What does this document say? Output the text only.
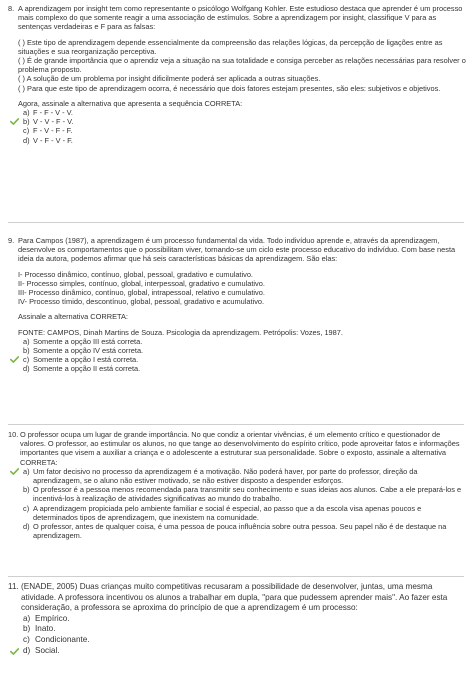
8. A aprendizagem por insight tem como representante o psicólogo Wolfgang Kohler. Este estudioso destaca que aprender é um processo mais complexo do que somente reagir a uma associação de estímulos. Sobre a aprendizagem por insight, classifique V para as sentenças verdadeiras e F para as falsas:

( ) Este tipo de aprendizagem depende essencialmente da compreensão das relações lógicas, da percepção de ligações entre as situações e sua reorganização perceptiva.

( ) É de grande importância que o aprendiz veja a situação na sua totalidade e consiga perceber as relações necessárias para resolver o problema proposto.

( ) A solução de um problema por insight dificilmente poderá ser aplicada a outras situações.

( ) Para que este tipo de aprendizagem ocorra, é necessário que dois fatores estejam presentes, são eles: subjetivos e objetivos.

Agora, assinale a alternativa que apresenta a sequência CORRETA:

a) F - F - V - V.
b) V - V - F - V.
c) F - V - F - F.
d) V - F - V - F.
9. Para Campos (1987), a aprendizagem é um processo fundamental da vida. Todo indivíduo aprende e, através da aprendizagem, desenvolve os comportamentos que o possibilitam viver, tornando-se um ciclo este processo educativo do indivíduo. Com base nesta ideia da autora, podemos afirmar que há seis características básicas da aprendizagem. São elas:

I- Processo dinâmico, contínuo, global, pessoal, gradativo e cumulativo.

II- Processo simples, contínuo, global, interpessoal, gradativo e cumulativo.

III- Processo dinâmico, contínuo, global, intrapessoal, relativo e cumulativo.

IV- Processo tímido, descontínuo, global, pessoal, gradativo e acumulativo.

Assinale a alternativa CORRETA:

FONTE: CAMPOS, Dinah Martins de Souza. Psicologia da aprendizagem. Petrópolis: Vozes, 1987.

a) Somente a opção III está correta.
b) Somente a opção IV está correta.
c) Somente a opção I está correta.
d) Somente a opção II está correta.
10. O professor ocupa um lugar de grande importância. No que condiz a orientar vivências, é um elemento crítico e questionador de valores. O professor, ao estimular os alunos, no que tange ao desenvolvimento do espírito crítico, pode aproveitar fatos e informações importantes que visem a auxiliar a criança e o adolescente a estruturar sua personalidade. Sobre o exposto, assinale a alternativa CORRETA:
a) Um fator decisivo no processo da aprendizagem é a motivação. Não poderá haver, por parte do professor, direção da aprendizagem, se o aluno não estiver motivado, se não estiver disposto a despender esforços.
b) O professor é a pessoa menos recomendada para transmitir seu conhecimento e suas ideias aos alunos. Cabe a ele prepará-los e incentivá-los à realização de atividades significativas ao mundo do trabalho.
c) A aprendizagem propiciada pelo ambiente familiar e social é especial, ao passo que a da escola visa apenas poucos e determinados tipos de aprendizagem, que inexistem na comunidade.
d) O professor, antes de qualquer coisa, é uma pessoa de pouca influência sobre outra pessoa. Seu papel não é de destaque na aprendizagem.
11. (ENADE, 2005) Duas crianças muito competitivas recusaram a possibilidade de desenvolver, juntas, uma mesma atividade. A professora incentivou os alunos a trabalhar em dupla, "para que pudessem aprender mais". Ao fazer esta consideração, a professora se aproxima do princípio de que a aprendizagem é um processo:
a) Empírico.
b) Inato.
c) Condicionante.
d) Social.
